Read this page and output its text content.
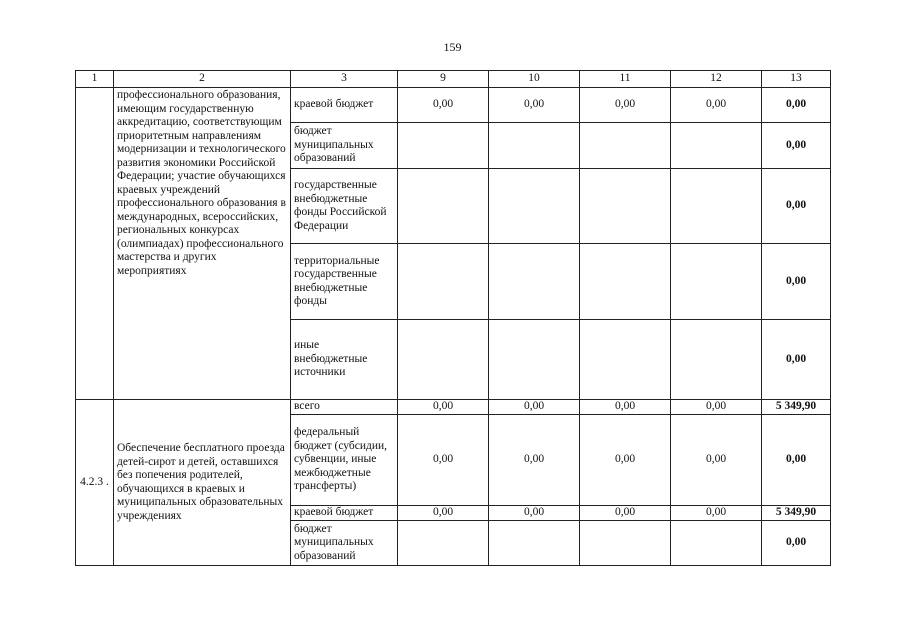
159
1	2	3	9	10	11	12	13
	профессионального образования, имеющим государственную аккредитацию, соответствующим приоритетным направлениям модернизации и технологического развития экономики Российской Федерации; участие обучающихся краевых учреждений профессионального образования в международных, всероссийских, региональных конкурсах (олимпиадах) профессионального мастерства и других мероприятиях	краевой бюджет	0,00	0,00	0,00	0,00	0,00
		бюджет муниципальных образований					0,00
		государственные внебюджетные фонды Российской Федерации					0,00
		территориальные государственные внебюджетные фонды					0,00
		иные внебюджетные источники					0,00
4.2.3 .	Обеспечение бесплатного проезда детей-сирот и детей, оставшихся без попечения родителей, обучающихся в краевых и муниципальных образовательных учреждениях	всего	0,00	0,00	0,00	0,00	5 349,90
		федеральный бюджет (субсидии, субвенции, иные межбюджетные трансферты)	0,00	0,00	0,00	0,00	0,00
		краевой бюджет	0,00	0,00	0,00	0,00	5 349,90
		бюджет муниципальных образований					0,00
